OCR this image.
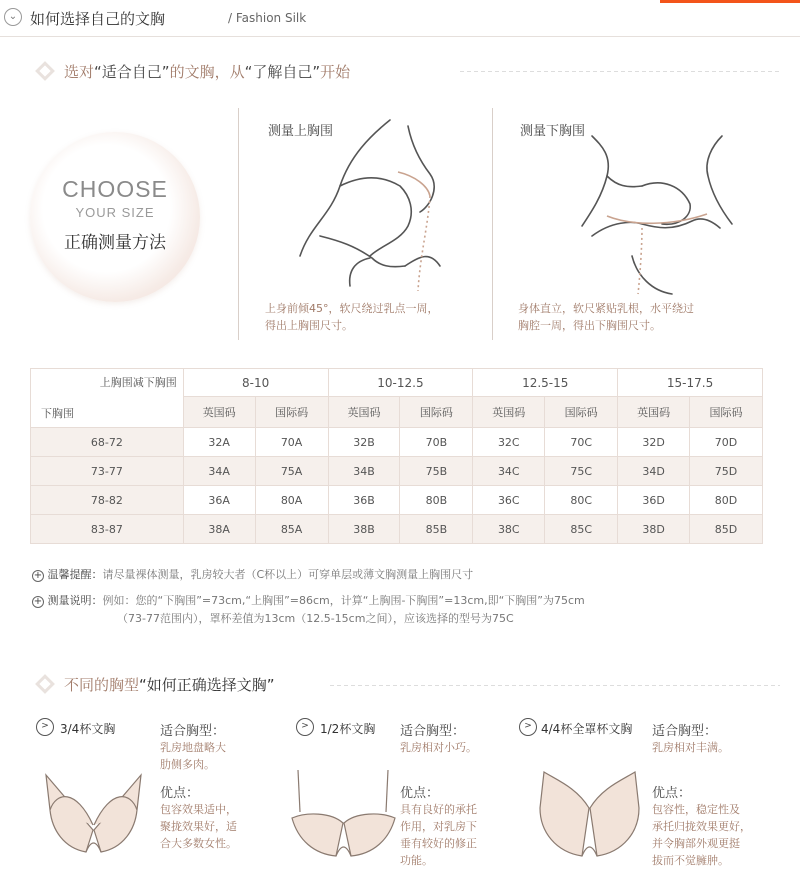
⌄ 如何选择自己的文胸	/ Fashion Silk
选对“适合自己”的文胸，从“了解自己”开始
CHOOSE
YOUR SIZE
正确测量方法
测量上胸围
上身前倾45°，软尺绕过乳点一周，
得出上胸围尺寸。
测量下胸围
身体直立，软尺紧贴乳根，水平绕过
胸腔一周，得出下胸围尺寸。
上胸围减下胸围
下胸围	8-10		10-12.5		12.5-15		15-17.5	
	英国码	国际码	英国码	国际码	英国码	国际码	英国码	国际码
68-72	32A	70A	32B	70B	32C	70C	32D	70D
73-77	34A	75A	34B	75B	34C	75C	34D	75D
78-82	36A	80A	36B	80B	36C	80C	36D	80D
83-87	38A	85A	38B	85B	38C	85C	38D	85D
+ 温馨提醒：请尽量裸体测量，乳房较大者（C杯以上）可穿单层或薄文胸测量上胸围尺寸
+ 测量说明：例如：您的“下胸围”=73cm,“上胸围”=86cm，计算“上胸围-下胸围”=13cm,即“下胸围”为75cm
（73-77范围内），罩杯差值为13cm（12.5-15cm之间），应该选择的型号为75C
不同的胸型“如何正确选择文胸”
> 3/4杯文胸	适合胸型：
乳房地盘略大
肋侧多肉。
优点：
包容效果适中，
聚拢效果好，适
合大多数女性。
> 1/2杯文胸 适合胸型：
乳房相对小巧。
优点：
具有良好的承托
作用，对乳房下
垂有较好的修正
功能。
> 4/4杯全罩杯文胸 适合胸型：
乳房相对丰满。
优点：
包容性，稳定性及
承托归拢效果更好，
并令胸部外观更挺
拔而不觉臃肿。
